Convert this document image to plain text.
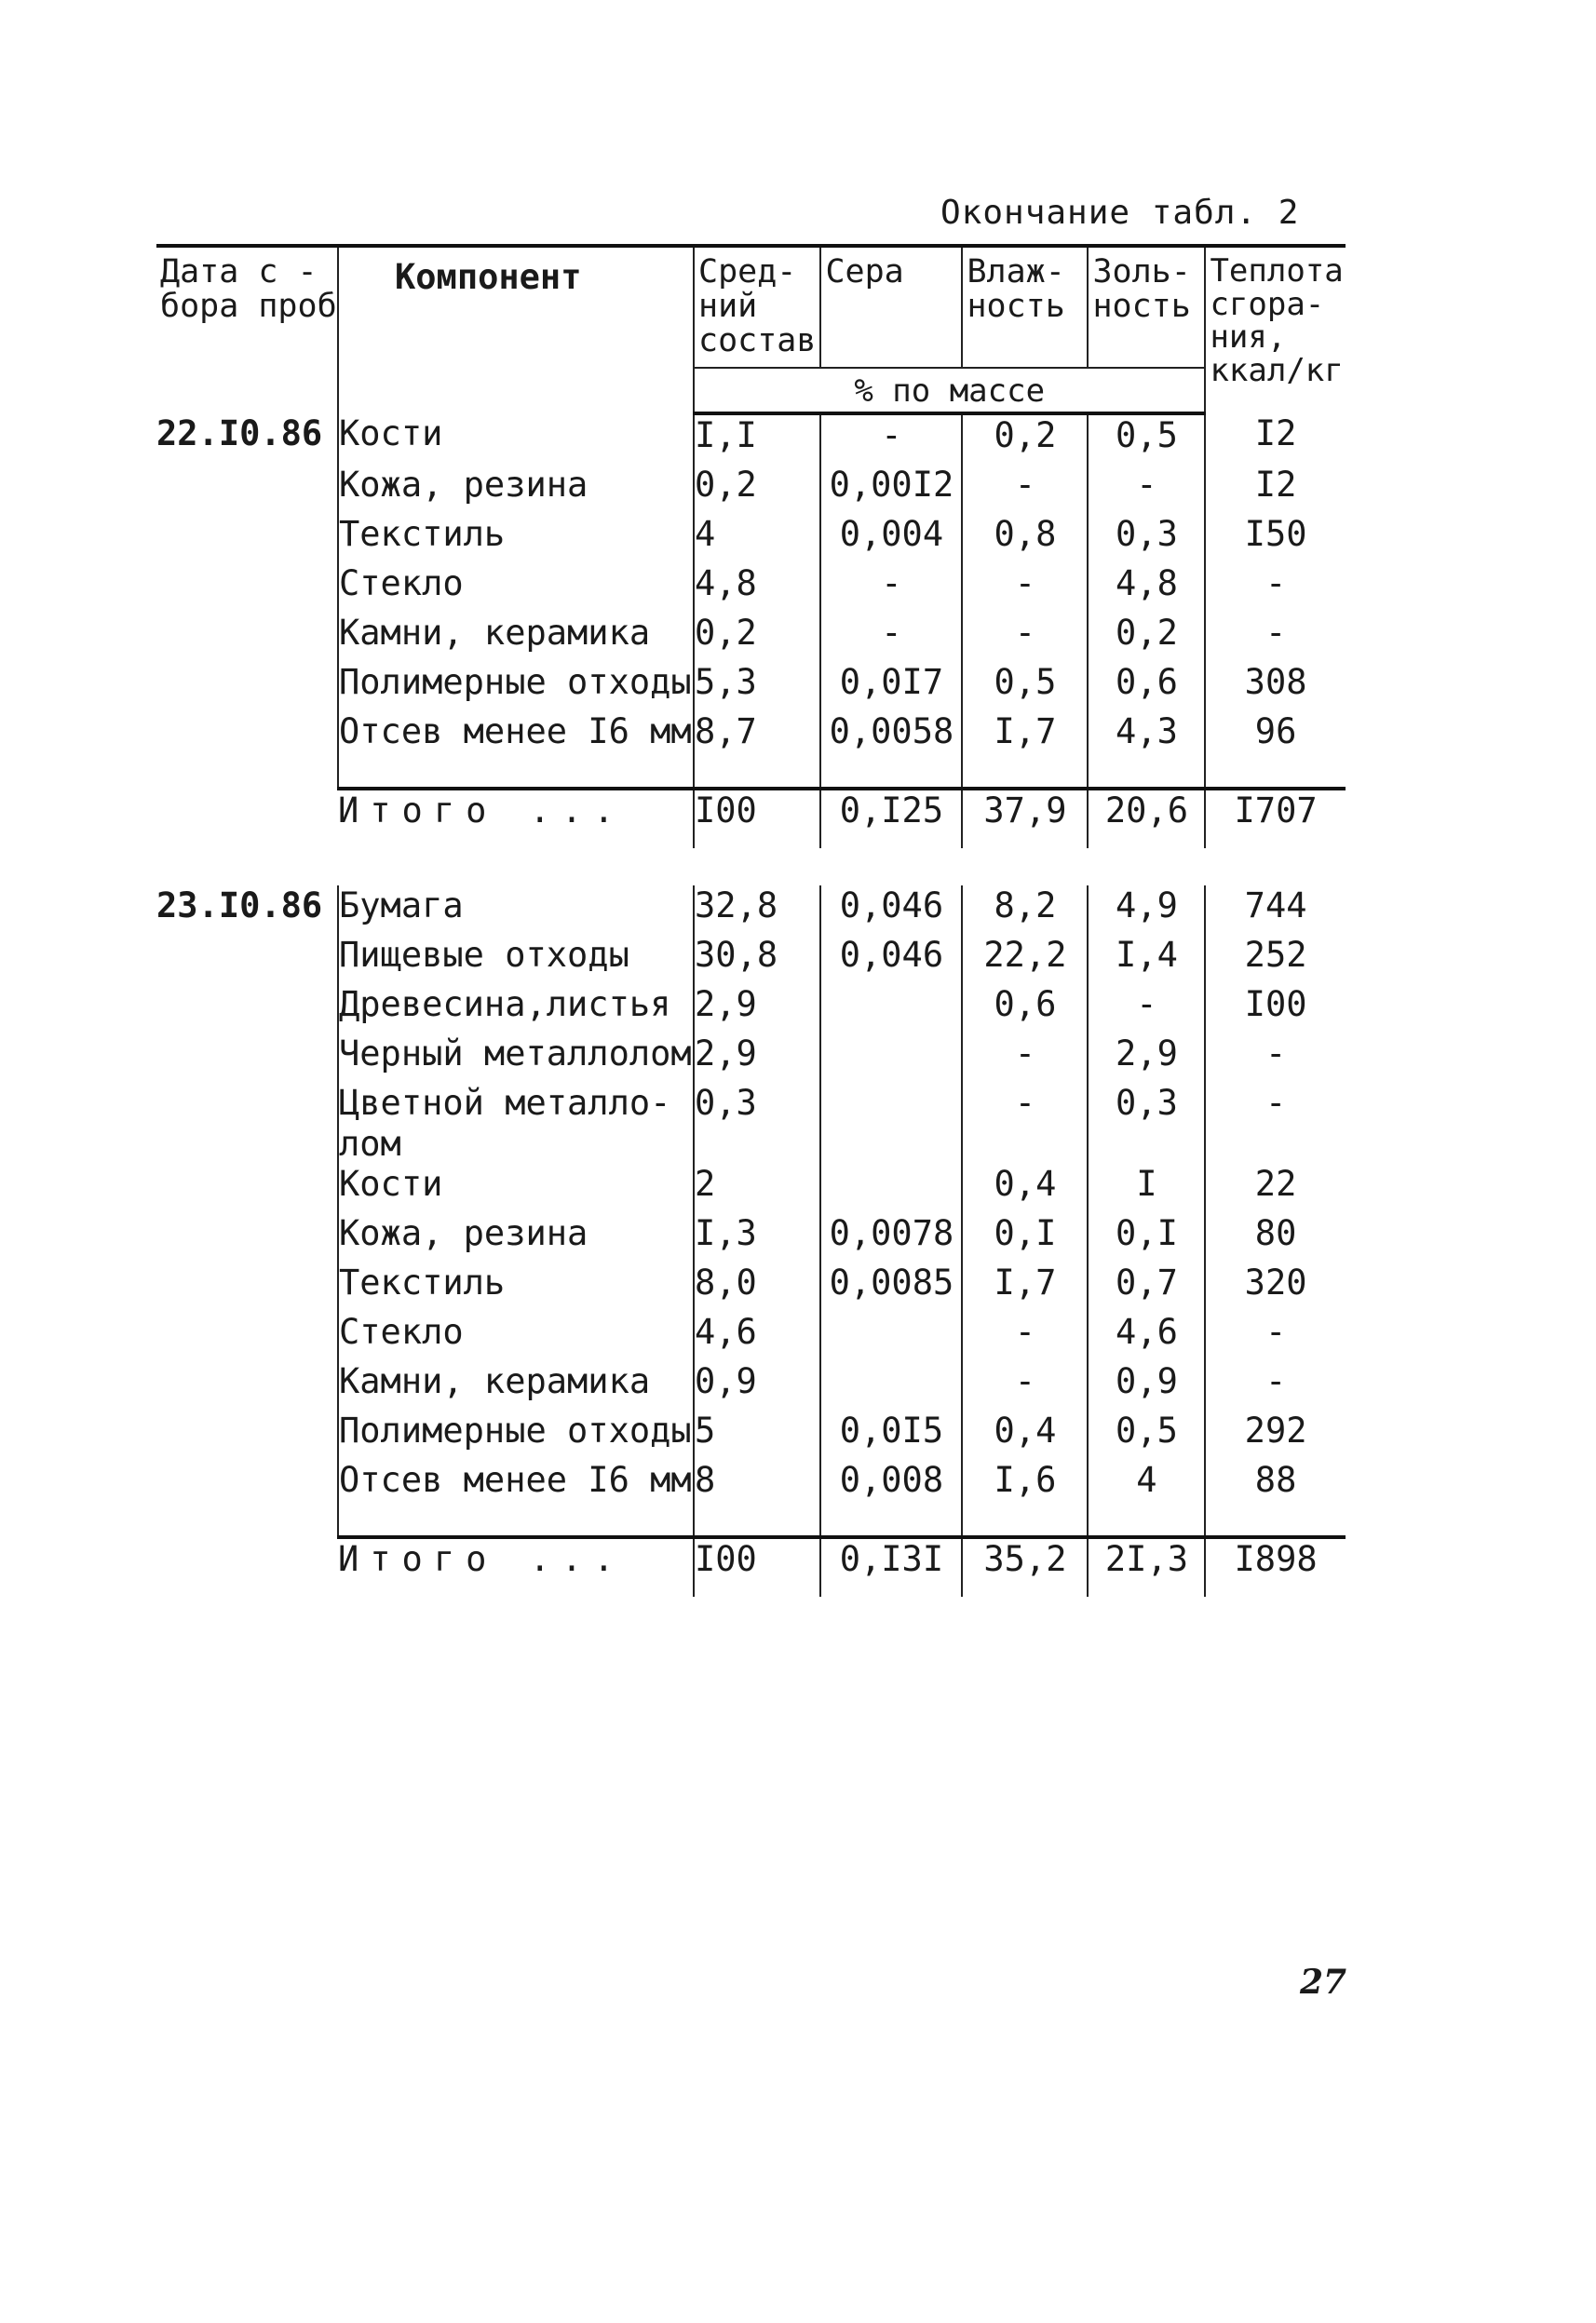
Окончание табл. 2
Дата с - бора проб	Компонент	Сред- ний состав	Сера	Влаж- ность	Золь- ность	Теплота сгора- ния, ккал/кг
		% по массе				
22.I0.86	Кости	I,I	-	0,2	0,5	I2
	Кожа, резина	0,2	0,00I2	-	-	I2
	Текстиль	4	0,004	0,8	0,3	I50
	Стекло	4,8	-	-	4,8	-
	Камни, керамика	0,2	-	-	0,2	-
	Полимерные отходы	5,3	0,0I7	0,5	0,6	308
	Отсев менее I6 мм	8,7	0,0058	I,7	4,3	96

	Итого ...	I00	0,I25	37,9	20,6	I707

23.I0.86	Бумага	32,8	0,046	8,2	4,9	744
	Пищевые отходы	30,8	0,046	22,2	I,4	252
	Древесина,листья	2,9		0,6	-	I00
	Черный металлолом	2,9		-	2,9	-
	Цветной металло- лом	0,3		-	0,3	-
	Кости	2		0,4	I	22
	Кожа, резина	I,3	0,0078	0,I	0,I	80
	Текстиль	8,0	0,0085	I,7	0,7	320
	Стекло	4,6		-	4,6	-
	Камни, керамика	0,9		-	0,9	-
	Полимерные отходы	5	0,0I5	0,4	0,5	292
	Отсев менее I6 мм	8	0,008	I,6	4	88

	Итого ...	I00	0,I3I	35,2	2I,3	I898
27
